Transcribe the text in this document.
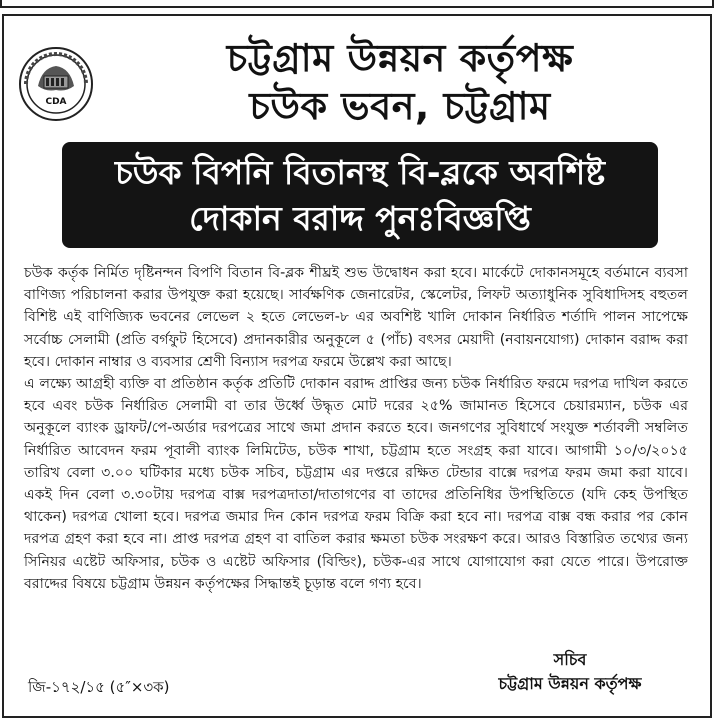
CDA
চট্টগ্রাম উন্নয়ন কর্তৃপক্ষ
চউক ভবন, চট্টগ্রাম
চউক বিপনি বিতানস্থ বি-ব্লকে অবশিষ্ট
দোকান বরাদ্দ পুনঃবিজ্ঞপ্তি

চউক কর্তৃক নির্মিত দৃষ্টিনন্দন বিপণি বিতান বি-ব্লক শীঘ্রই শুভ উদ্বোধন করা হবে। মার্কেটে দোকানসমূহে বর্তমানে ব্যবসা বাণিজ্য পরিচালনা করার উপযুক্ত করা হয়েছে। সার্বক্ষণিক জেনারেটর, স্কেলেটর, লিফট অত্যাধুনিক সুবিধাদিসহ বহুতল বিশিষ্ট এই বাণিজ্যিক ভবনের লেভেল ২ হতে লেভেল-৮ এর অবশিষ্ট খালি দোকান নির্ধারিত শর্তাদি পালন সাপেক্ষে সর্বোচ্চ সেলামী (প্রতি বর্গফুট হিসেবে) প্রদানকারীর অনুকূলে ৫ (পাঁচ) বৎসর মেয়াদী (নবায়নযোগ্য) দোকান বরাদ্দ করা হবে। দোকান নাম্বার ও ব্যবসার শ্রেণী বিন্যাস দরপত্র ফরমে উল্লেখ করা আছে।

এ লক্ষ্যে আগ্রহী ব্যক্তি বা প্রতিষ্ঠান কর্তৃক প্রতিটি দোকান বরাদ্দ প্রাপ্তির জন্য চউক নির্ধারিত ফরমে দরপত্র দাখিল করতে হবে এবং চউক নির্ধারিত সেলামী বা তার উর্ধ্বে উদ্ধৃত মোট দরের ২৫% জামানত হিসেবে চেয়ারম্যান, চউক এর অনুকূলে ব্যাংক ড্রাফট/পে-অর্ডার দরপত্রের সাথে জমা প্রদান করতে হবে। জনগণের সুবিধার্থে সংযুক্ত শর্তাবলী সম্বলিত নির্ধারিত আবেদন ফরম পূবালী ব্যাংক লিমিটেড, চউক শাখা, চট্টগ্রাম হতে সংগ্রহ করা যাবে। আগামী ১০/৩/২০১৫ তারিখ বেলা ৩.০০ ঘটিকার মধ্যে চউক সচিব, চট্টগ্রাম এর দপ্তরে রক্ষিত টেন্ডার বাক্সে দরপত্র ফরম জমা করা যাবে। একই দিন বেলা ৩.৩০টায় দরপত্র বাক্স দরপত্রদাতা/দাতাগণের বা তাদের প্রতিনিধির উপস্থিতিতে (যদি কেহ উপস্থিত থাকেন) দরপত্র খোলা হবে। দরপত্র জমার দিন কোন দরপত্র ফরম বিক্রি করা হবে না। দরপত্র বাক্স বন্ধ করার পর কোন দরপত্র গ্রহণ করা হবে না। প্রাপ্ত দরপত্র গ্রহণ বা বাতিল করার ক্ষমতা চউক সংরক্ষণ করে। আরও বিস্তারিত তথ্যের জন্য সিনিয়র এষ্টেট অফিসার, চউক ও এষ্টেট অফিসার (বিল্ডিং), চউক-এর সাথে যোগাযোগ করা যেতে পারে। উপরোক্ত বরাদ্দের বিষয়ে চট্টগ্রাম উন্নয়ন কর্তৃপক্ষের সিদ্ধান্তই চূড়ান্ত বলে গণ্য হবে।

সচিব
চট্টগ্রাম উন্নয়ন কর্তৃপক্ষ
জি-১৭২/১৫ (৫″×৩ক)
